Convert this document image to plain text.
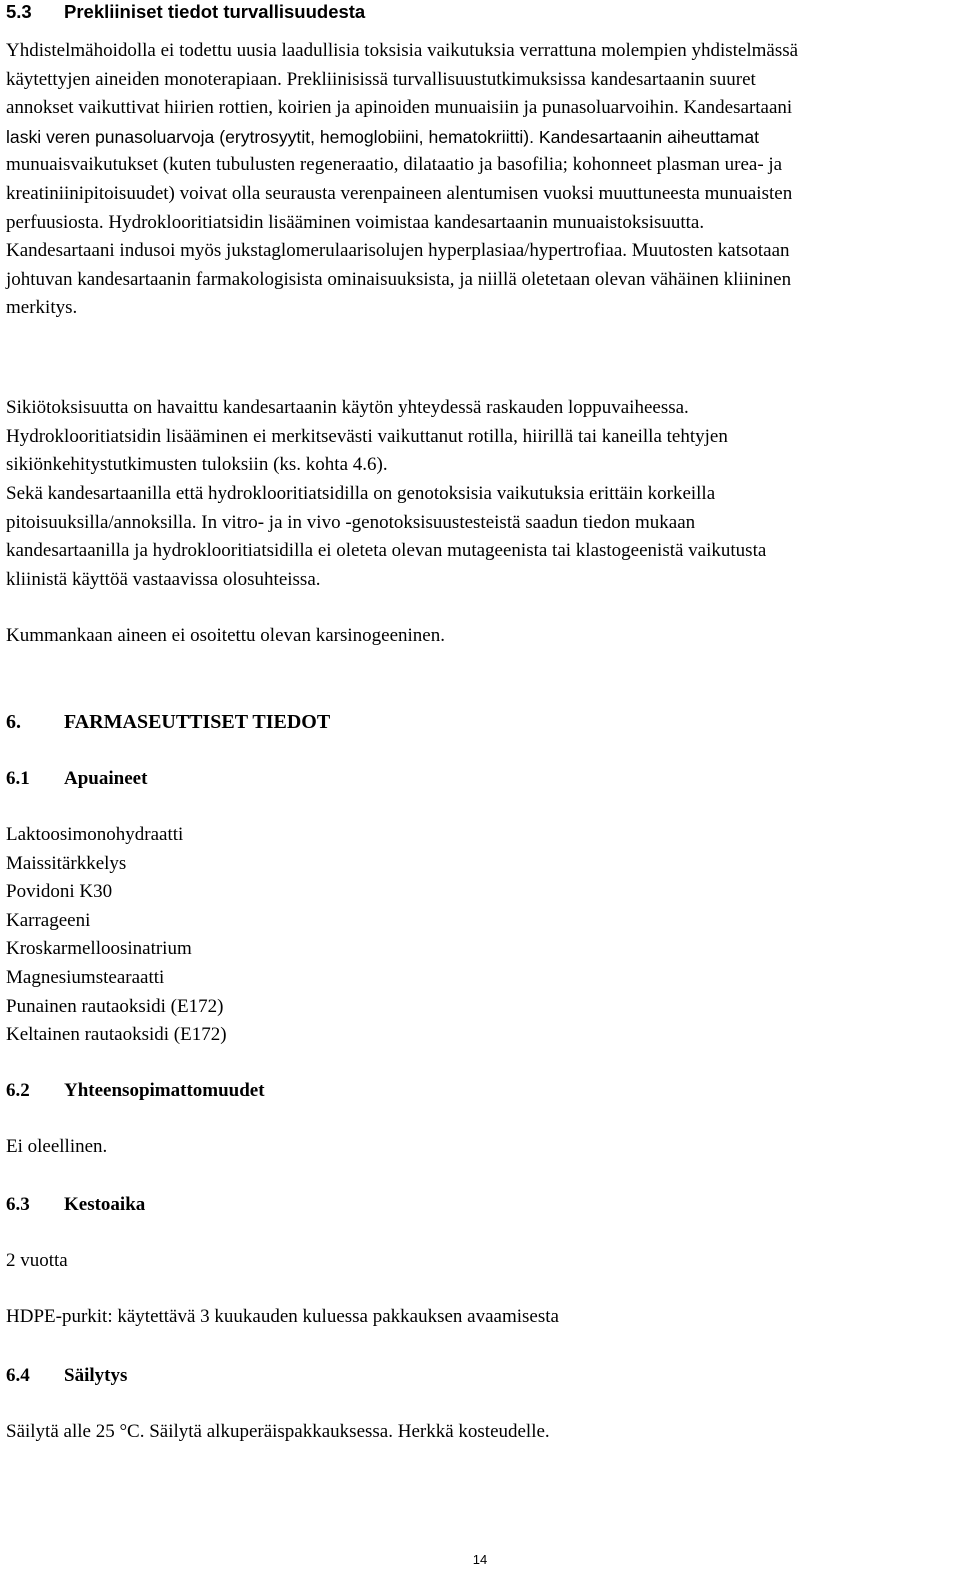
5.3 Prekliiniset tiedot turvallisuudesta
Yhdistelmähoidolla ei todettu uusia laadullisia toksisia vaikutuksia verrattuna molempien yhdistelmässä
käytettyjen aineiden monoterapiaan. Prekliinisissä turvallisuustutkimuksissa kandesartaanin suuret
annokset vaikuttivat hiirien rottien, koirien ja apinoiden munuaisiin ja punasoluarvoihin. Kandesartaani
laski veren punasoluarvoja (erytrosyytit, hemoglobiini, hematokriitti). Kandesartaanin aiheuttamat
munuaisvaikutukset (kuten tubulusten regeneraatio, dilataatio ja basofilia; kohonneet plasman urea- ja
kreatiniinipitoisuudet) voivat olla seurausta verenpaineen alentumisen vuoksi muuttuneesta munuaisten
perfuusiosta. Hydroklooritiatsidin lisääminen voimistaa kandesartaanin munuaistoksisuutta.
Kandesartaani indusoi myös jukstaglomerulaarisolujen hyperplasiaa/hypertrofiaa. Muutosten katsotaan
johtuvan kandesartaanin farmakologisista ominaisuuksista, ja niillä oletetaan olevan vähäinen kliininen
merkitys.
Sikiötoksisuutta on havaittu kandesartaanin käytön yhteydessä raskauden loppuvaiheessa.
Hydroklooritiatsidin lisääminen ei merkitsevästi vaikuttanut rotilla, hiirillä tai kaneilla tehtyjen
sikiönkehitystutkimusten tuloksiin (ks. kohta 4.6).
Sekä kandesartaanilla että hydroklooritiatsidilla on genotoksisia vaikutuksia erittäin korkeilla
pitoisuuksilla/annoksilla. In vitro- ja in vivo -genotoksisuustesteistä saadun tiedon mukaan
kandesartaanilla ja hydroklooritiatsidilla ei oleteta olevan mutageenista tai klastogeenistä vaikutusta
kliinistä käyttöä vastaavissa olosuhteissa.
Kummankaan aineen ei osoitettu olevan karsinogeeninen.
6. FARMASEUTTISET TIEDOT
6.1 Apuaineet
Laktoosimonohydraatti
Maissitärkkelys
Povidoni K30
Karrageeni
Kroskarmelloosinatrium
Magnesiumstearaatti
Punainen rautaoksidi (E172)
Keltainen rautaoksidi (E172)
6.2 Yhteensopimattomuudet
Ei oleellinen.
6.3 Kestoaika
2 vuotta
HDPE-purkit: käytettävä 3 kuukauden kuluessa pakkauksen avaamisesta
6.4 Säilytys
Säilytä alle 25 °C. Säilytä alkuperäispakkauksessa. Herkkä kosteudelle.
14
